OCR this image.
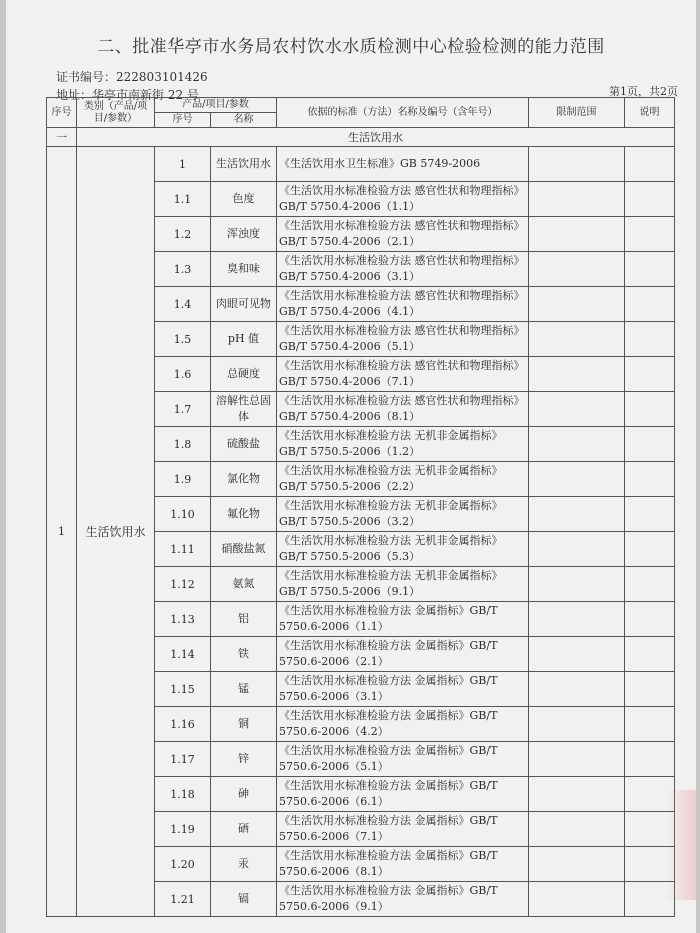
二、批准华亭市水务局农村饮水水质检测中心检验检测的能力范围
证书编号：222803101426
地址：华亭市南新街 22 号	第1页，共2页
序号	类别（产品/项目/参数）	产品/项目/参数		依据的标准（方法）名称及编号（含年号）	限制范围	说明
		序号	名称			
一	生活饮用水					
1	生活饮用水	1	生活饮用水	《生活饮用水卫生标准》GB 5749-2006		
		1.1	色度	《生活饮用水标准检验方法 感官性状和物理指标》GB/T 5750.4-2006（1.1）		
		1.2	浑浊度	《生活饮用水标准检验方法 感官性状和物理指标》GB/T 5750.4-2006（2.1）		
		1.3	臭和味	《生活饮用水标准检验方法 感官性状和物理指标》GB/T 5750.4-2006（3.1）		
		1.4	肉眼可见物	《生活饮用水标准检验方法 感官性状和物理指标》GB/T 5750.4-2006（4.1）		
		1.5	pH 值	《生活饮用水标准检验方法 感官性状和物理指标》GB/T 5750.4-2006（5.1）		
		1.6	总硬度	《生活饮用水标准检验方法 感官性状和物理指标》GB/T 5750.4-2006（7.1）		
		1.7	溶解性总固体	《生活饮用水标准检验方法 感官性状和物理指标》GB/T 5750.4-2006（8.1）		
		1.8	硫酸盐	《生活饮用水标准检验方法 无机非金属指标》GB/T 5750.5-2006（1.2）		
		1.9	氯化物	《生活饮用水标准检验方法 无机非金属指标》GB/T 5750.5-2006（2.2）		
		1.10	氟化物	《生活饮用水标准检验方法 无机非金属指标》GB/T 5750.5-2006（3.2）		
		1.11	硝酸盐氮	《生活饮用水标准检验方法 无机非金属指标》GB/T 5750.5-2006（5.3）		
		1.12	氨氮	《生活饮用水标准检验方法 无机非金属指标》GB/T 5750.5-2006（9.1）		
		1.13	铝	《生活饮用水标准检验方法 金属指标》GB/T 5750.6-2006（1.1）		
		1.14	铁	《生活饮用水标准检验方法 金属指标》GB/T 5750.6-2006（2.1）		
		1.15	锰	《生活饮用水标准检验方法 金属指标》GB/T 5750.6-2006（3.1）		
		1.16	铜	《生活饮用水标准检验方法 金属指标》GB/T 5750.6-2006（4.2）		
		1.17	锌	《生活饮用水标准检验方法 金属指标》GB/T 5750.6-2006（5.1）		
		1.18	砷	《生活饮用水标准检验方法 金属指标》GB/T 5750.6-2006（6.1）		
		1.19	硒	《生活饮用水标准检验方法 金属指标》GB/T 5750.6-2006（7.1）		
		1.20	汞	《生活饮用水标准检验方法 金属指标》GB/T 5750.6-2006（8.1）		
		1.21	镉	《生活饮用水标准检验方法 金属指标》GB/T 5750.6-2006（9.1）		
